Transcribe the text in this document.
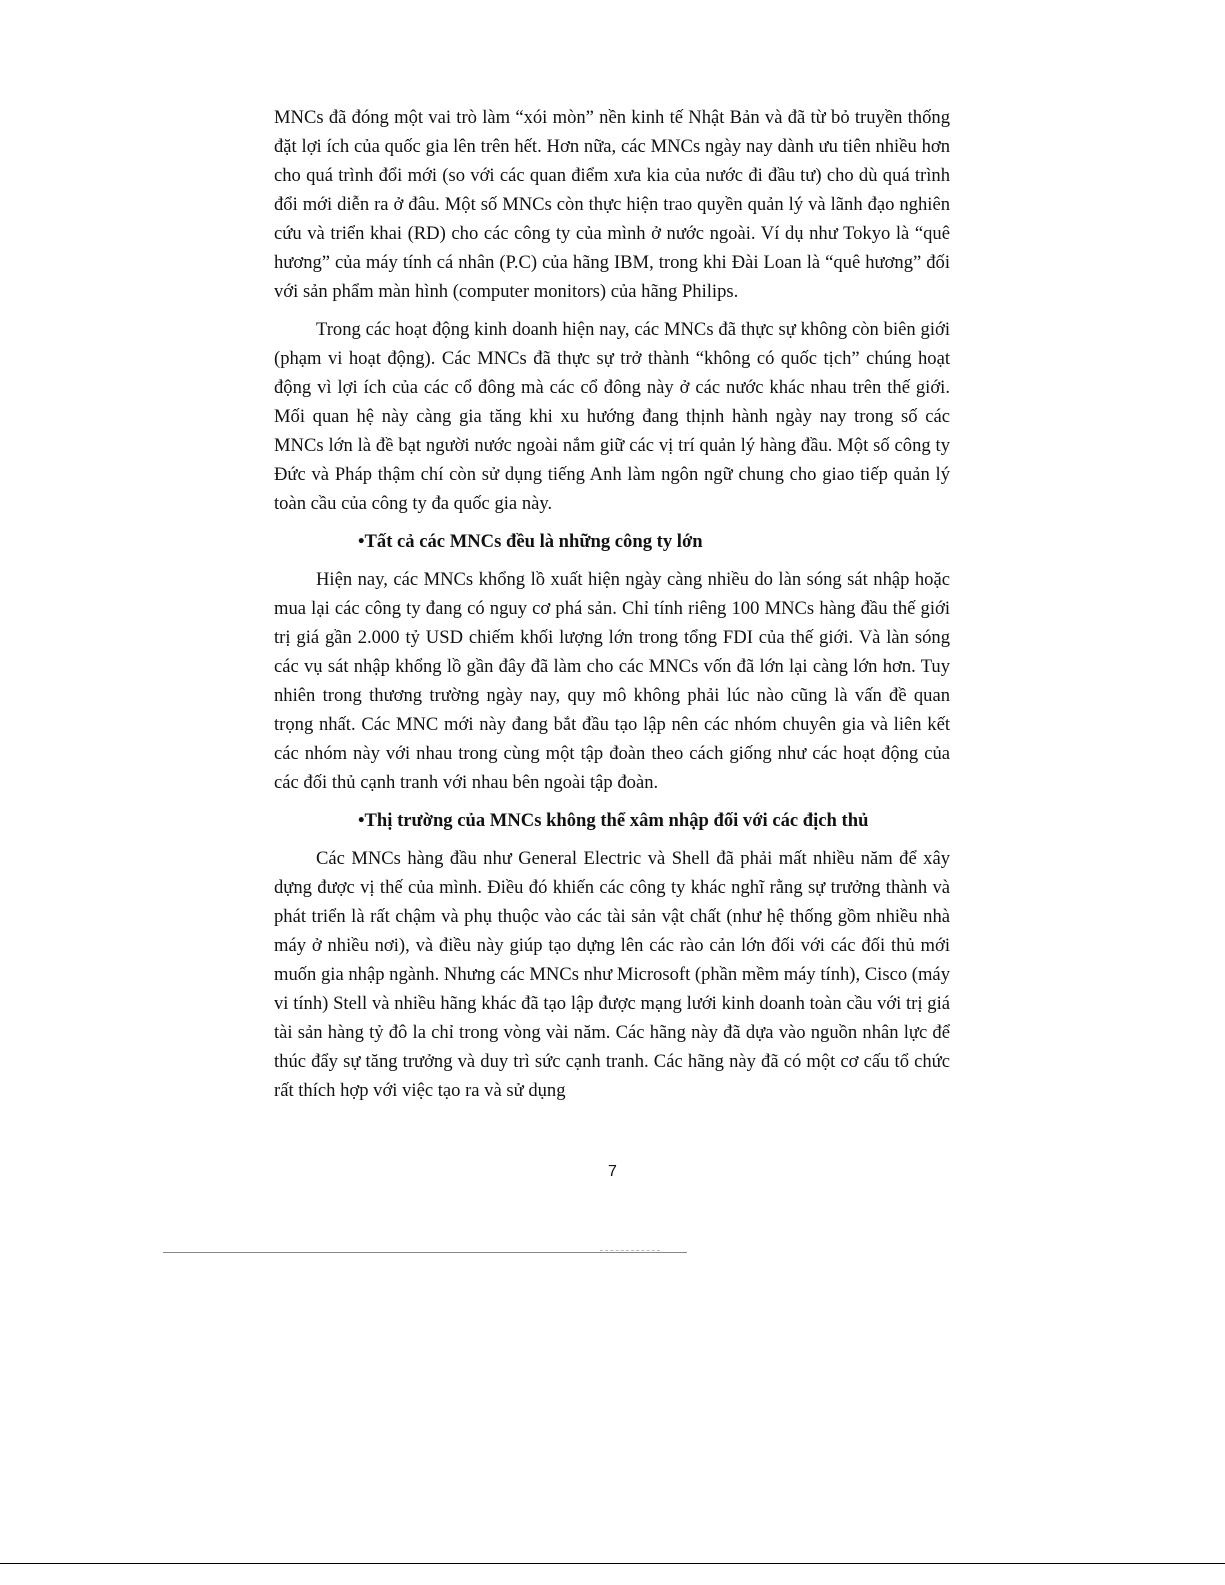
MNCs đã đóng một vai trò làm “xói mòn” nền kinh tế Nhật Bản và đã từ bỏ truyền thống đặt lợi ích của quốc gia lên trên hết. Hơn nữa, các MNCs ngày nay dành ưu tiên nhiều hơn cho quá trình đổi mới (so với các quan điểm xưa kia của nước đi đầu tư) cho dù quá trình đổi mới diễn ra ở đâu. Một số MNCs còn thực hiện trao quyền quản lý và lãnh đạo nghiên cứu và triển khai (RD) cho các công ty của mình ở nước ngoài. Ví dụ như Tokyo là “quê hương” của máy tính cá nhân (P.C) của hãng IBM, trong khi Đài Loan là “quê hương” đối với sản phẩm màn hình (computer monitors) của hãng Philips.

Trong các hoạt động kinh doanh hiện nay, các MNCs đã thực sự không còn biên giới (phạm vi hoạt động). Các MNCs đã thực sự trở thành “không có quốc tịch” chúng hoạt động vì lợi ích của các cổ đông mà các cổ đông này ở các nước khác nhau trên thế giới. Mối quan hệ này càng gia tăng khi xu hướng đang thịnh hành ngày nay trong số các MNCs lớn là đề bạt người nước ngoài nắm giữ các vị trí quản lý hàng đầu. Một số công ty Đức và Pháp thậm chí còn sử dụng tiếng Anh làm ngôn ngữ chung cho giao tiếp quản lý toàn cầu của công ty đa quốc gia này.

•Tất cả các MNCs đều là những công ty lớn

Hiện nay, các MNCs khổng lồ xuất hiện ngày càng nhiều do làn sóng sát nhập hoặc mua lại các công ty đang có nguy cơ phá sản. Chỉ tính riêng 100 MNCs hàng đầu thế giới trị giá gần 2.000 tỷ USD chiếm khối lượng lớn trong tổng FDI của thế giới. Và làn sóng các vụ sát nhập khổng lồ gần đây đã làm cho các MNCs vốn đã lớn lại càng lớn hơn. Tuy nhiên trong thương trường ngày nay, quy mô không phải lúc nào cũng là vấn đề quan trọng nhất. Các MNC mới này đang bắt đầu tạo lập nên các nhóm chuyên gia và liên kết các nhóm này với nhau trong cùng một tập đoàn theo cách giống như các hoạt động của các đối thủ cạnh tranh với nhau bên ngoài tập đoàn.

•Thị trường của MNCs không thể xâm nhập đối với các địch thủ

Các MNCs hàng đầu như General Electric và Shell đã phải mất nhiều năm để xây dựng được vị thế của mình. Điều đó khiến các công ty khác nghĩ rằng sự trưởng thành và phát triển là rất chậm và phụ thuộc vào các tài sản vật chất (như hệ thống gồm nhiều nhà máy ở nhiều nơi), và điều này giúp tạo dựng lên các rào cản lớn đối với các đối thủ mới muốn gia nhập ngành. Nhưng các MNCs như Microsoft (phần mềm máy tính), Cisco (máy vi tính) Stell và nhiều hãng khác đã tạo lập được mạng lưới kinh doanh toàn cầu với trị giá tài sản hàng tỷ đô la chỉ trong vòng vài năm. Các hãng này đã dựa vào nguồn nhân lực để thúc đẩy sự tăng trưởng và duy trì sức cạnh tranh. Các hãng này đã có một cơ cấu tổ chức rất thích hợp với việc tạo ra và sử dụng

7
